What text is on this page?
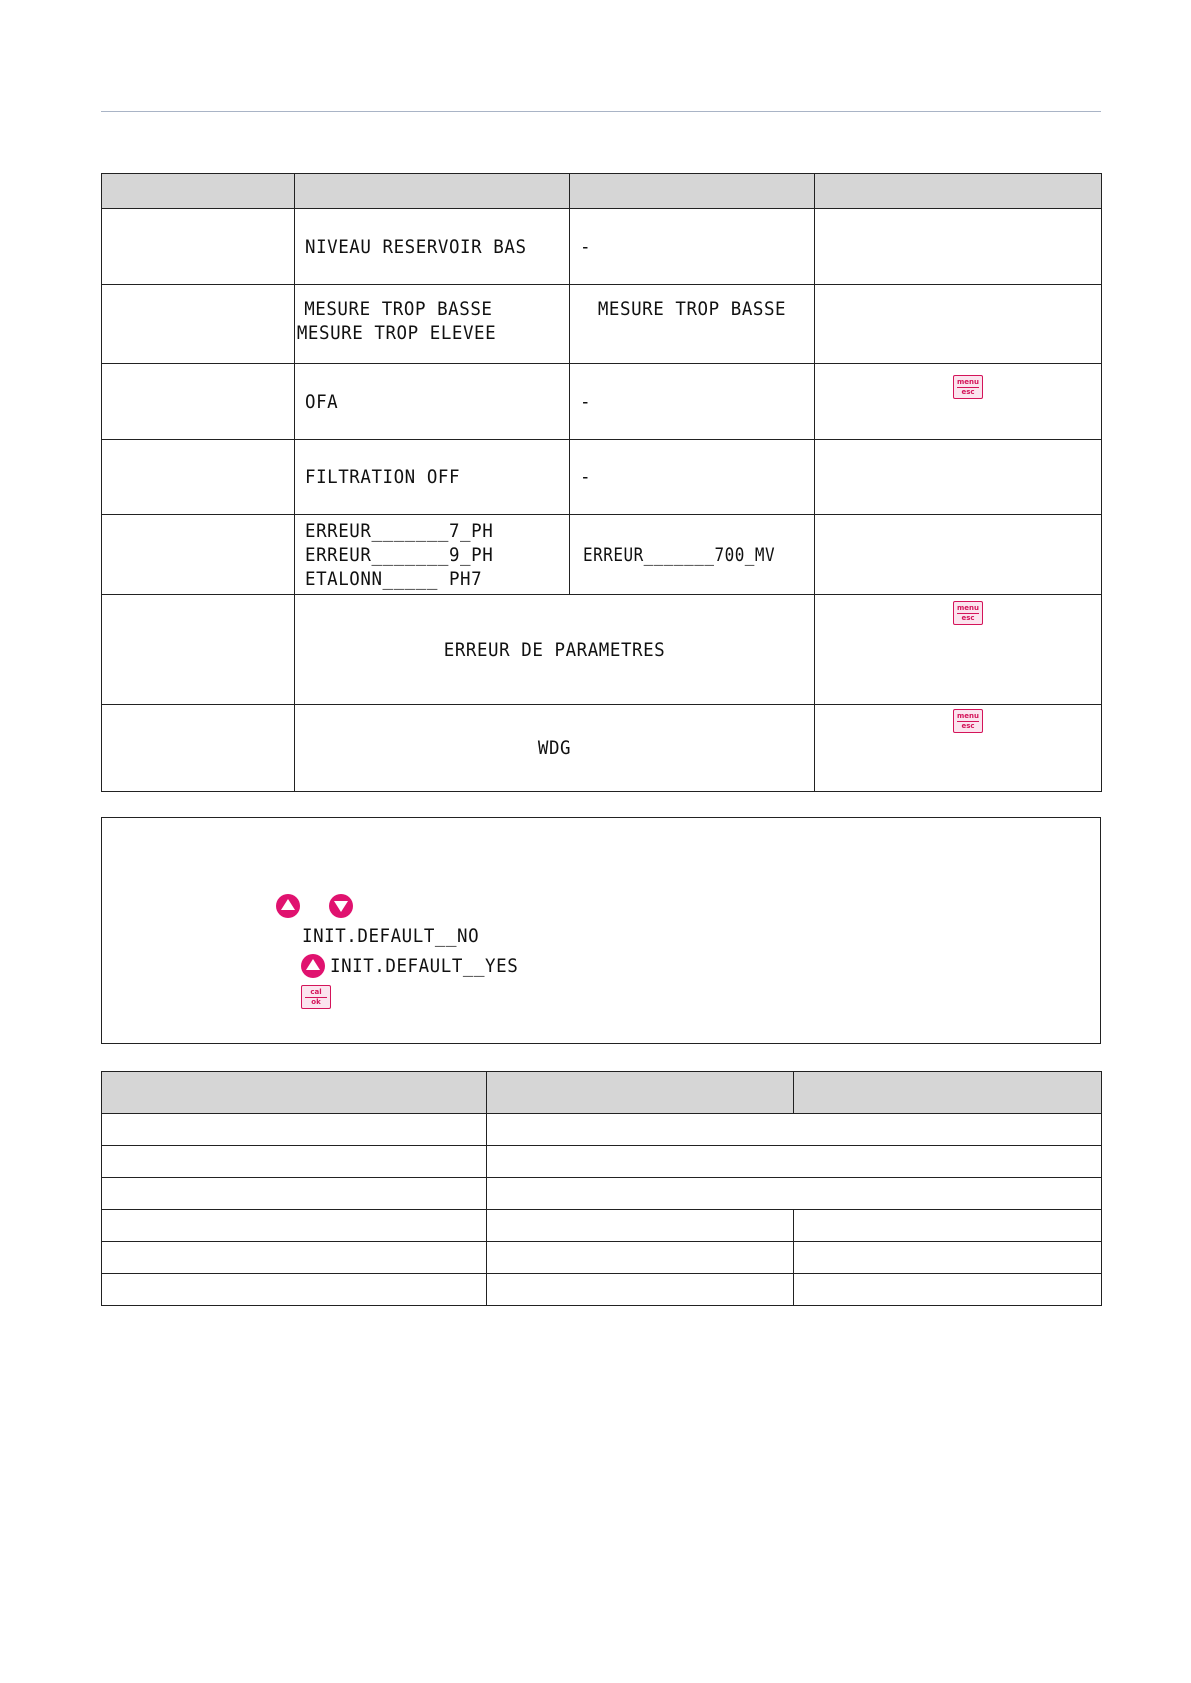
	NIVEAU RESERVOIR BAS	-	

	MESURE TROP BASSE
MESURE TROP ELEVEE	MESURE TROP BASSE	

	OFA	-	menu
esc

	FILTRATION OFF	-	

	ERREUR_______7_PH
ERREUR_______9_PH
ETALONN_____ PH7	ERREUR_______700_MV	

	ERREUR DE PARAMETRES		menu
esc

	WDG		menu
esc
INIT.DEFAULT__NO
INIT.DEFAULT__YES
cal
ok
